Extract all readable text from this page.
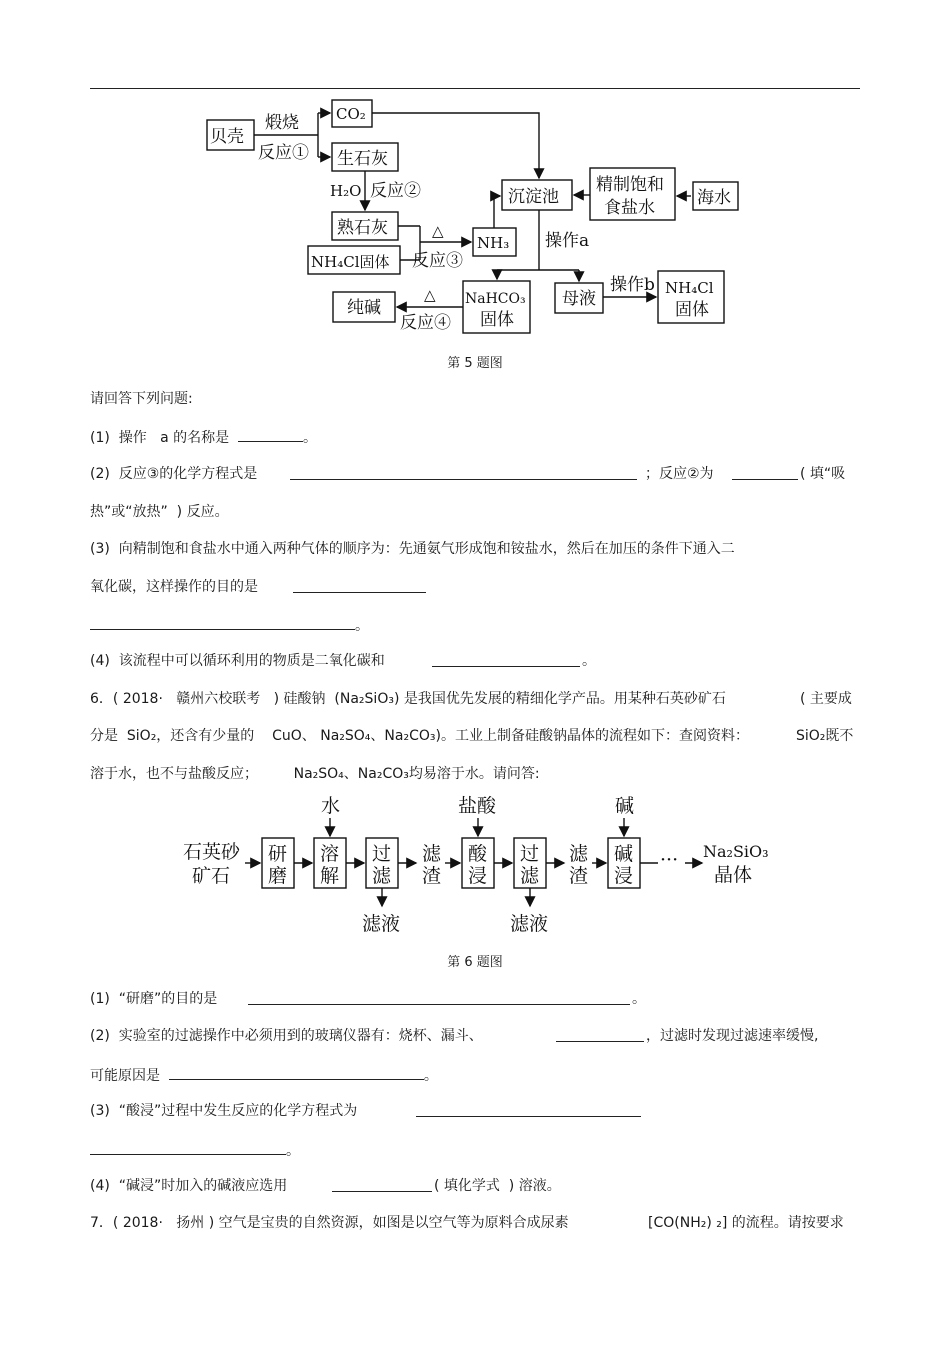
贝壳
煅烧
反应①
CO₂
生石灰
H₂O 反应②
熟石灰
NH₄Cl固体
△
反应③
NH₃
沉淀池
精制饱和
食盐水 海水
操作a
纯碱
△
反应④
NaHCO₃
固体
母液
操作b NH₄Cl
固体
第 5 题图
请回答下列问题:
(1)  操作   a 的名称是	。
(2)  反应③的化学方程式是	；反应②为	( 填“吸
热”或“放热”  ) 反应。
(3)  向精制饱和食盐水中通入两种气体的顺序为：先通氨气形成饱和铵盐水，然后在加压的条件下通入二
氧化碳，这样操作的目的是
。
(4)  该流程中可以循环利用的物质是二氧化碳和	。
6．( 2018·   赣州六校联考   ) 硅酸钠  (Na₂SiO₃) 是我国优先发展的精细化学产品。用某种石英砂矿石	( 主要成
分是  SiO₂，还含有少量的    CuO、 Na₂SO₄、Na₂CO₃)。工业上制备硅酸钠晶体的流程如下：查阅资料：	SiO₂既不
溶于水，也不与盐酸反应；        Na₂SO₄、Na₂CO₃均易溶于水。请问答:
石英砂
矿石
水
研
磨
溶
解
过
滤
滤液
滤
渣
盐酸
酸
浸
过
滤
滤液
滤
渣
碱
碱
浸
··· Na₂SiO₃
晶体
第 6 题图
(1)  “研磨”的目的是	。
(2)  实验室的过滤操作中必须用到的玻璃仪器有：烧杯、漏斗、	，过滤时发现过滤速率缓慢,
可能原因是	。
(3)  “酸浸”过程中发生反应的化学方程式为
。
(4)  “碱浸”时加入的碱液应选用	( 填化学式  ) 溶液。
7．( 2018·   扬州 ) 空气是宝贵的自然资源，如图是以空气等为原料合成尿素	[CO(NH₂) ₂] 的流程。请按要求
